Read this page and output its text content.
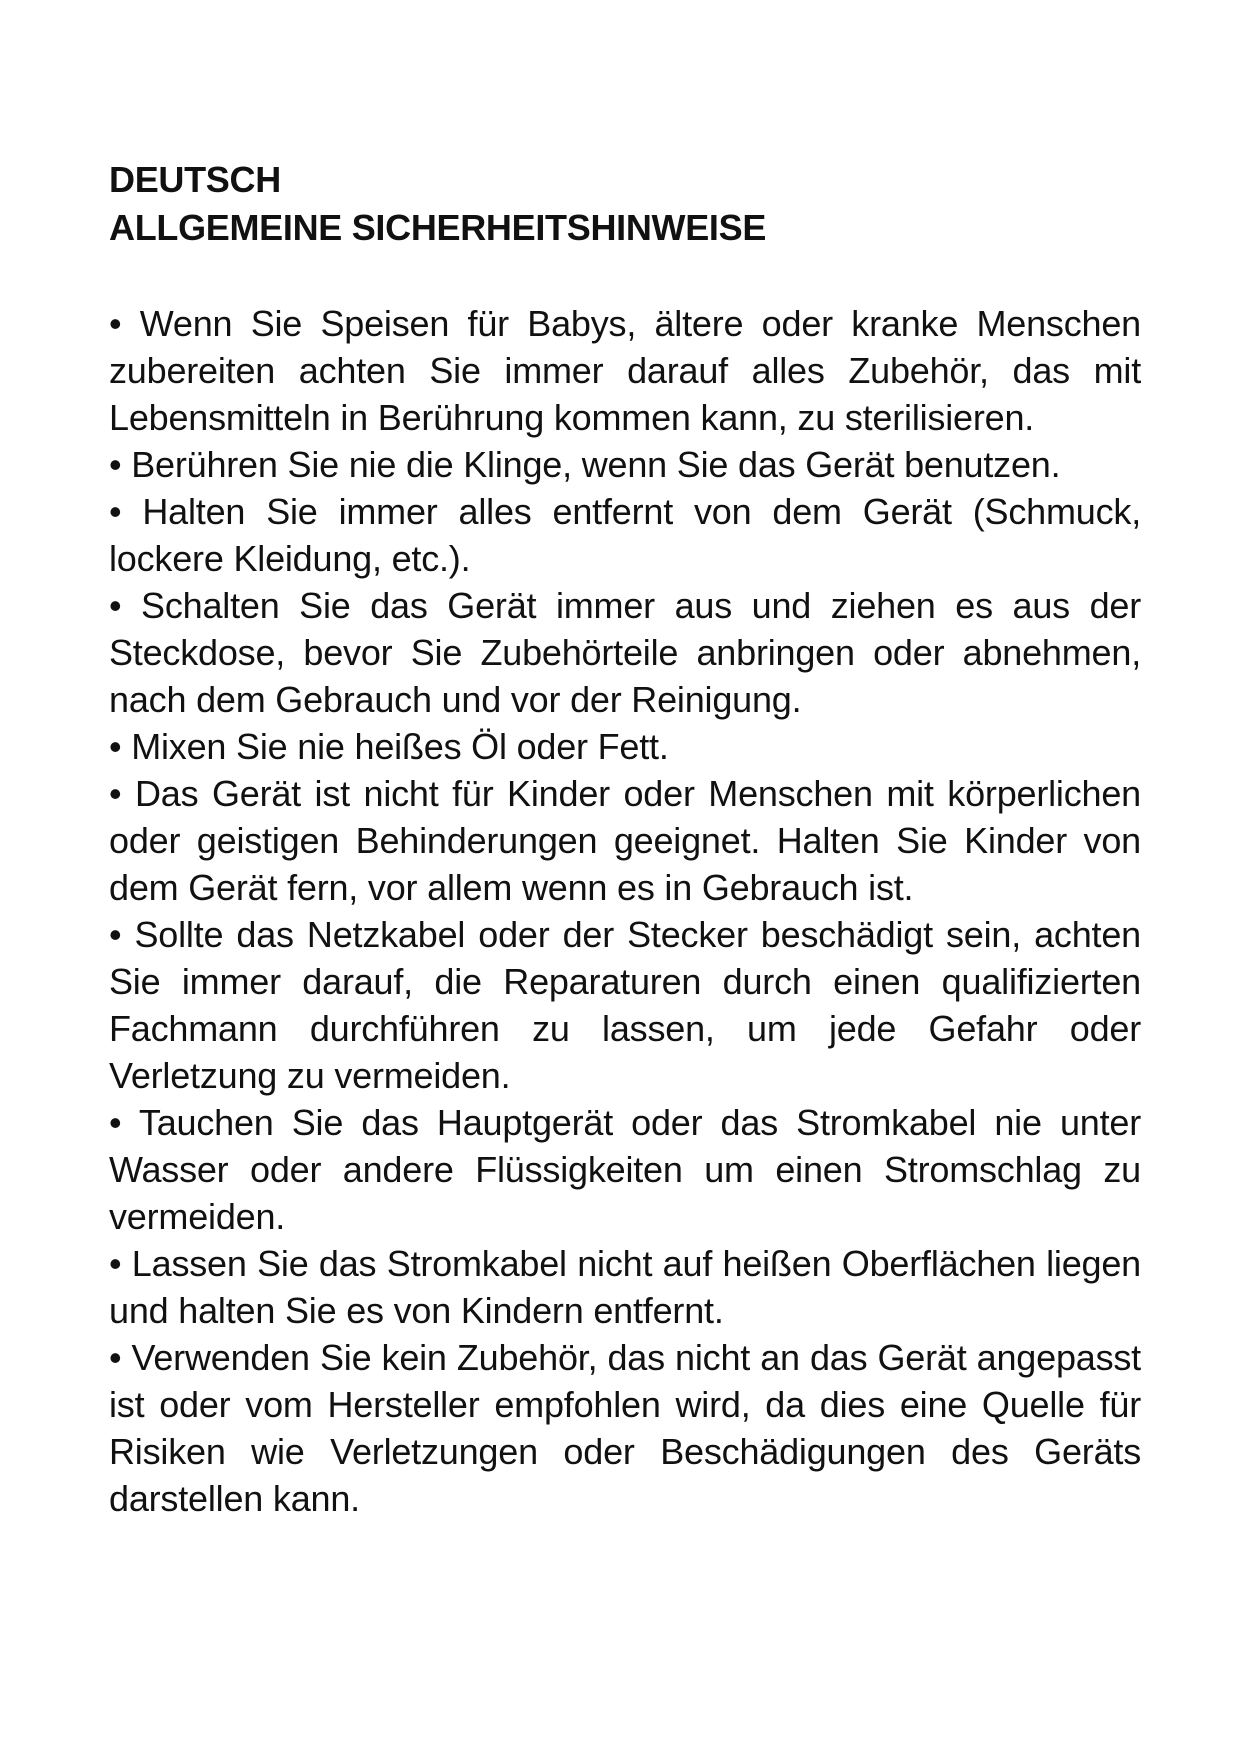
DEUTSCH
ALLGEMEINE SICHERHEITSHINWEISE
• Wenn Sie Speisen für Babys, ältere oder kranke Menschen zubereiten achten Sie immer darauf alles Zubehör, das mit Lebensmitteln in Berührung kommen kann, zu sterilisieren.
• Berühren Sie nie die Klinge, wenn Sie das Gerät benutzen.
• Halten Sie immer alles entfernt von dem Gerät (Schmuck, lockere Kleidung, etc.).
• Schalten Sie das Gerät immer aus und ziehen es aus der Steckdose, bevor Sie Zubehörteile anbringen oder abnehmen, nach dem Gebrauch und vor der Reinigung.
• Mixen Sie nie heißes Öl oder Fett.
• Das Gerät ist nicht für Kinder oder Menschen mit körperlichen oder geistigen Behinderungen geeignet. Halten Sie Kinder von dem Gerät fern, vor allem wenn es in Gebrauch ist.
• Sollte das Netzkabel oder der Stecker beschädigt sein, achten Sie immer darauf, die Reparaturen durch einen qualifizierten Fachmann durchführen zu lassen, um jede Gefahr oder Verletzung zu vermeiden.
• Tauchen Sie das Hauptgerät oder das Stromkabel nie unter Wasser oder andere Flüssigkeiten um einen Stromschlag zu vermeiden.
• Lassen Sie das Stromkabel nicht auf heißen Oberflächen liegen und halten Sie es von Kindern entfernt.
• Verwenden Sie kein Zubehör, das nicht an das Gerät angepasst ist oder vom Hersteller empfohlen wird, da dies eine Quelle für Risiken wie Verletzungen oder Beschädigungen des Geräts darstellen kann.
